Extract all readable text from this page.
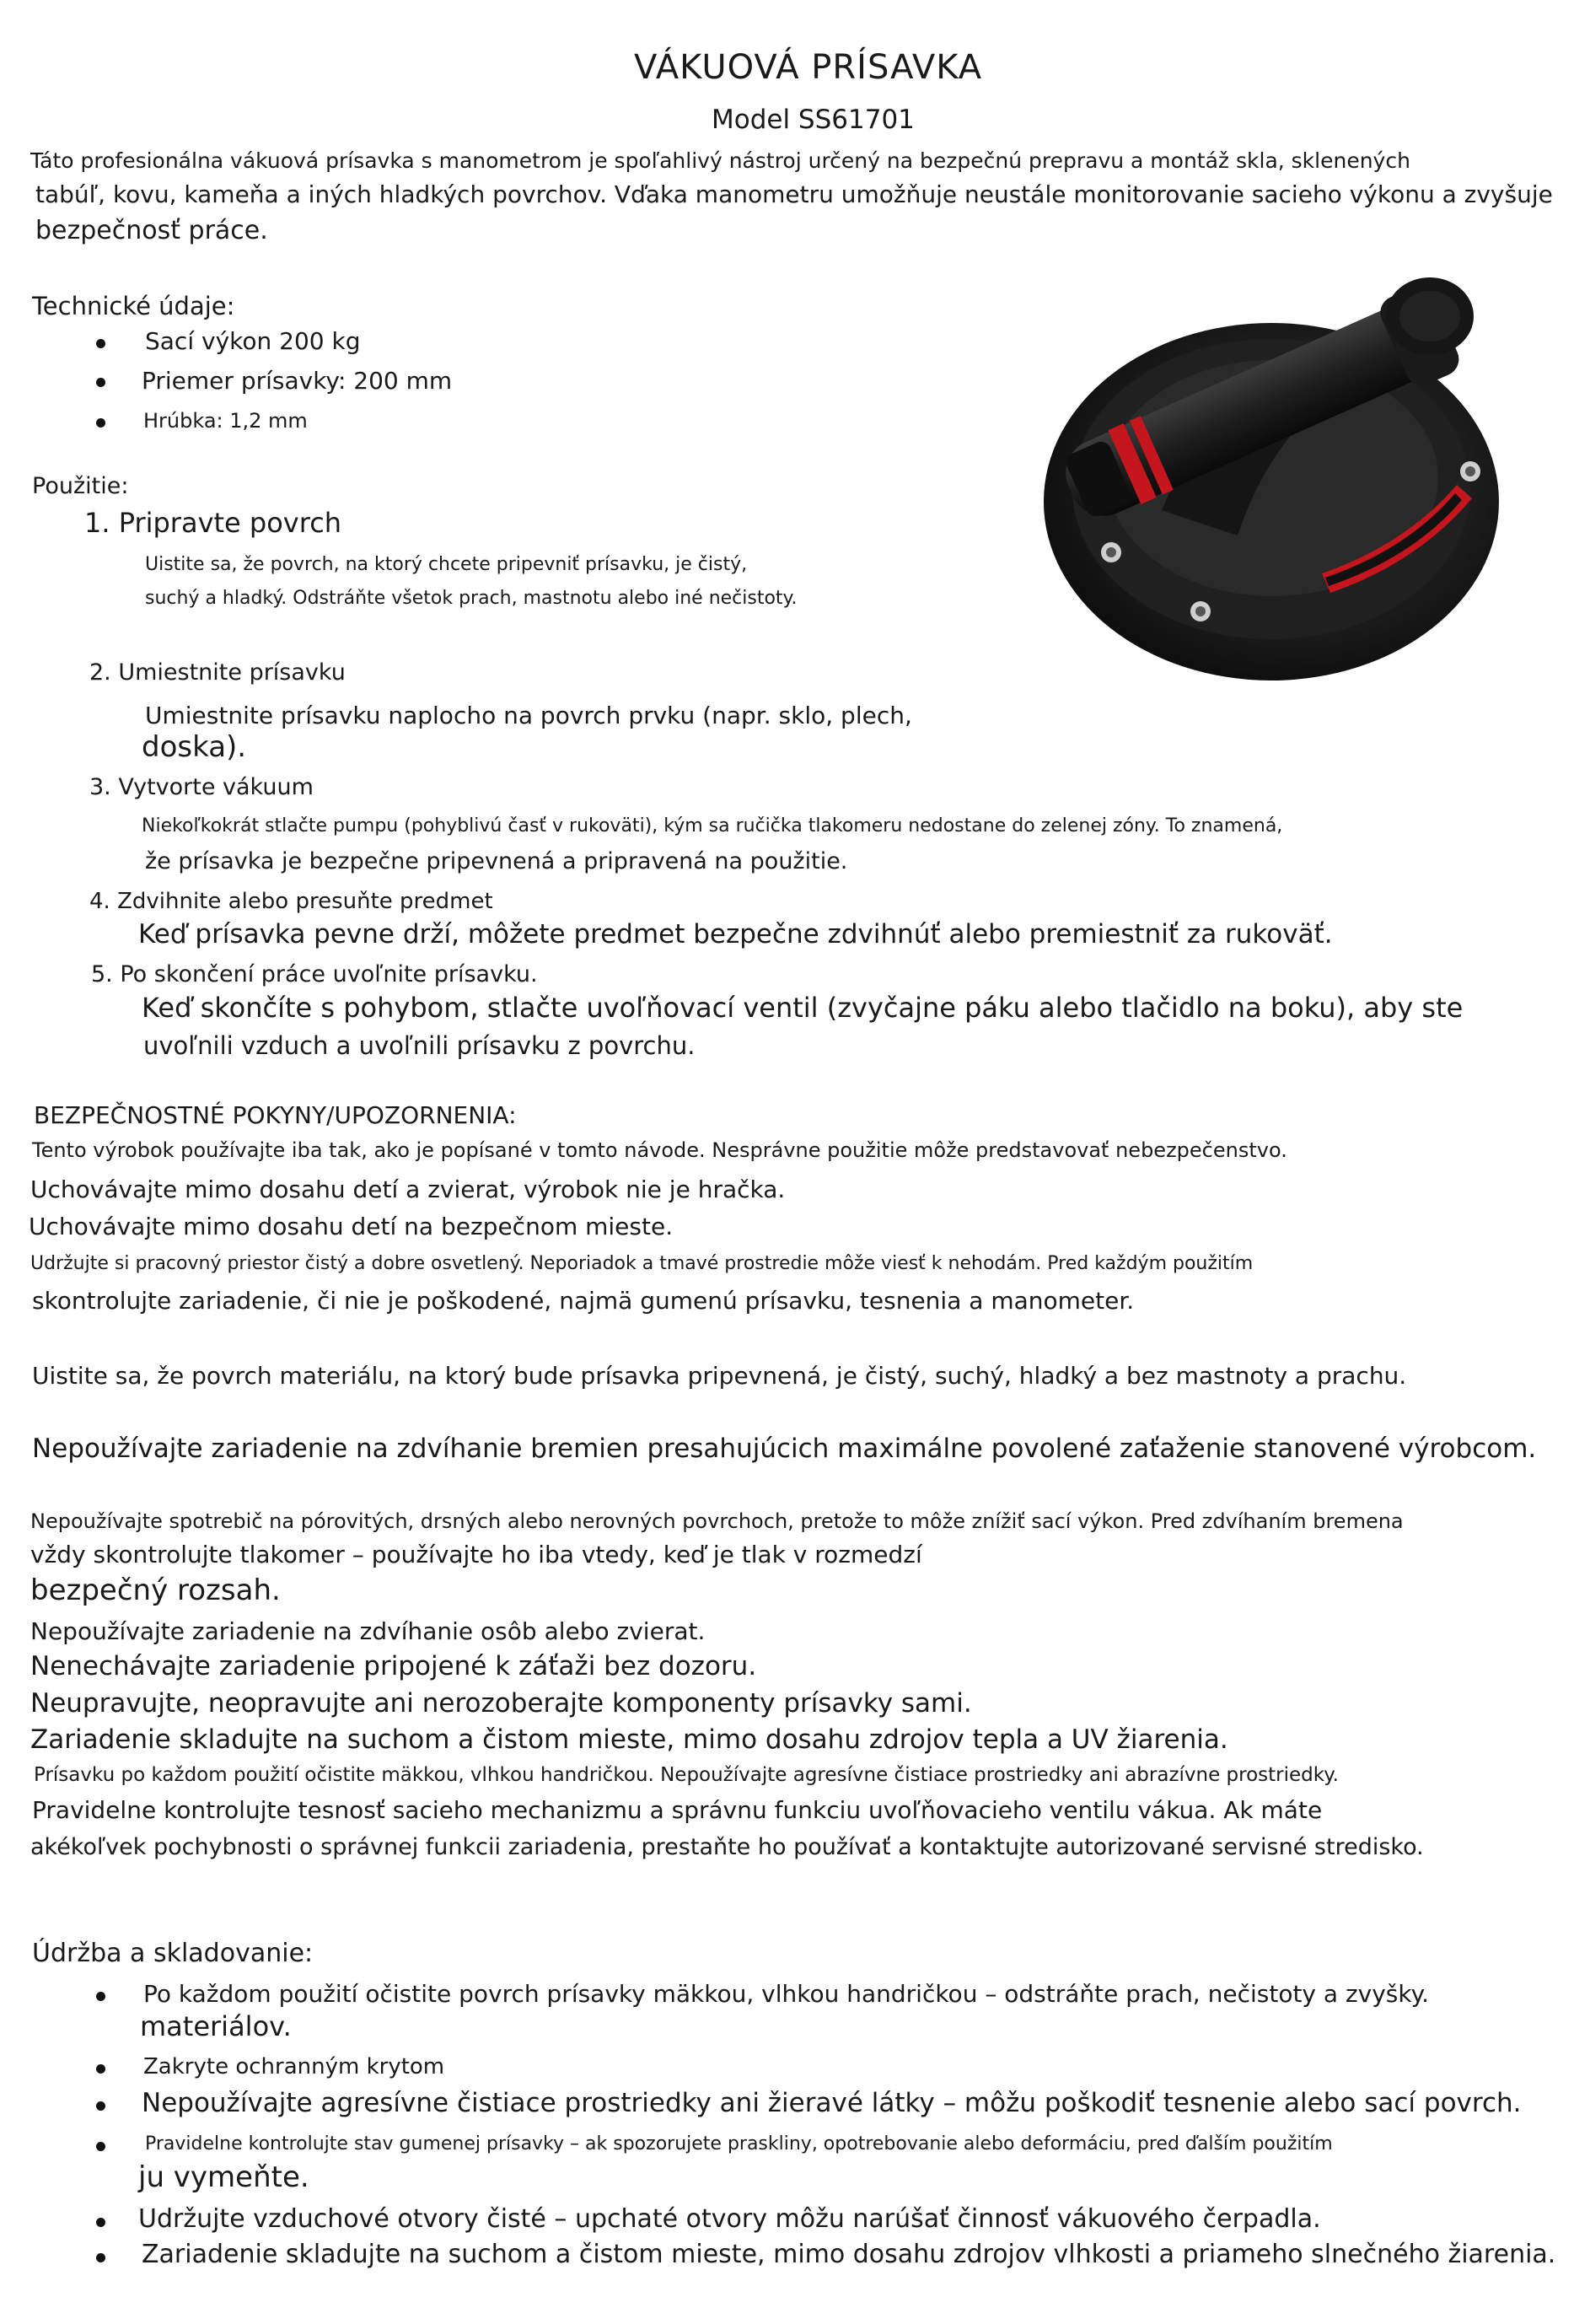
VÁKUOVÁ PRÍSAVKA
Model SS61701
Táto profesionálna vákuová prísavka s manometrom je spoľahlivý nástroj určený na bezpečnú prepravu a montáž skla, sklenených
tabúľ, kovu, kameňa a iných hladkých povrchov. Vďaka manometru umožňuje neustále monitorovanie sacieho výkonu a zvyšuje
bezpečnosť práce.
Technické údaje:
Sací výkon 200 kg
Priemer prísavky: 200 mm
Hrúbka: 1,2 mm
Použitie:
1. Pripravte povrch
Uistite sa, že povrch, na ktorý chcete pripevniť prísavku, je čistý,
suchý a hladký. Odstráňte všetok prach, mastnotu alebo iné nečistoty.
2. Umiestnite prísavku
Umiestnite prísavku naplocho na povrch prvku (napr. sklo, plech,
doska).
3. Vytvorte vákuum
Niekoľkokrát stlačte pumpu (pohyblivú časť v rukoväti), kým sa ručička tlakomeru nedostane do zelenej zóny. To znamená,
že prísavka je bezpečne pripevnená a pripravená na použitie.
4. Zdvihnite alebo presuňte predmet
Keď prísavka pevne drží, môžete predmet bezpečne zdvihnúť alebo premiestniť za rukoväť.
5. Po skončení práce uvoľnite prísavku.
Keď skončíte s pohybom, stlačte uvoľňovací ventil (zvyčajne páku alebo tlačidlo na boku), aby ste
uvoľnili vzduch a uvoľnili prísavku z povrchu.
BEZPEČNOSTNÉ POKYNY/UPOZORNENIA:
Tento výrobok používajte iba tak, ako je popísané v tomto návode. Nesprávne použitie môže predstavovať nebezpečenstvo.
Uchovávajte mimo dosahu detí a zvierat, výrobok nie je hračka.
Uchovávajte mimo dosahu detí na bezpečnom mieste.
Udržujte si pracovný priestor čistý a dobre osvetlený. Neporiadok a tmavé prostredie môže viesť k nehodám. Pred každým použitím
skontrolujte zariadenie, či nie je poškodené, najmä gumenú prísavku, tesnenia a manometer.
Uistite sa, že povrch materiálu, na ktorý bude prísavka pripevnená, je čistý, suchý, hladký a bez mastnoty a prachu.
Nepoužívajte zariadenie na zdvíhanie bremien presahujúcich maximálne povolené zaťaženie stanovené výrobcom.
Nepoužívajte spotrebič na pórovitých, drsných alebo nerovných povrchoch, pretože to môže znížiť sací výkon. Pred zdvíhaním bremena
vždy skontrolujte tlakomer – používajte ho iba vtedy, keď je tlak v rozmedzí
bezpečný rozsah.
Nepoužívajte zariadenie na zdvíhanie osôb alebo zvierat.
Nenechávajte zariadenie pripojené k záťaži bez dozoru.
Neupravujte, neopravujte ani nerozoberajte komponenty prísavky sami.
Zariadenie skladujte na suchom a čistom mieste, mimo dosahu zdrojov tepla a UV žiarenia.
Prísavku po každom použití očistite mäkkou, vlhkou handričkou. Nepoužívajte agresívne čistiace prostriedky ani abrazívne prostriedky.
Pravidelne kontrolujte tesnosť sacieho mechanizmu a správnu funkciu uvoľňovacieho ventilu vákua. Ak máte
akékoľvek pochybnosti o správnej funkcii zariadenia, prestaňte ho používať a kontaktujte autorizované servisné stredisko.
Údržba a skladovanie:
Po každom použití očistite povrch prísavky mäkkou, vlhkou handričkou – odstráňte prach, nečistoty a zvyšky.
materiálov.
Zakryte ochranným krytom
Nepoužívajte agresívne čistiace prostriedky ani žieravé látky – môžu poškodiť tesnenie alebo sací povrch.
Pravidelne kontrolujte stav gumenej prísavky – ak spozorujete praskliny, opotrebovanie alebo deformáciu, pred ďalším použitím
ju vymeňte.
Udržujte vzduchové otvory čisté – upchaté otvory môžu narúšať činnosť vákuového čerpadla.
Zariadenie skladujte na suchom a čistom mieste, mimo dosahu zdrojov vlhkosti a priameho slnečného žiarenia.
